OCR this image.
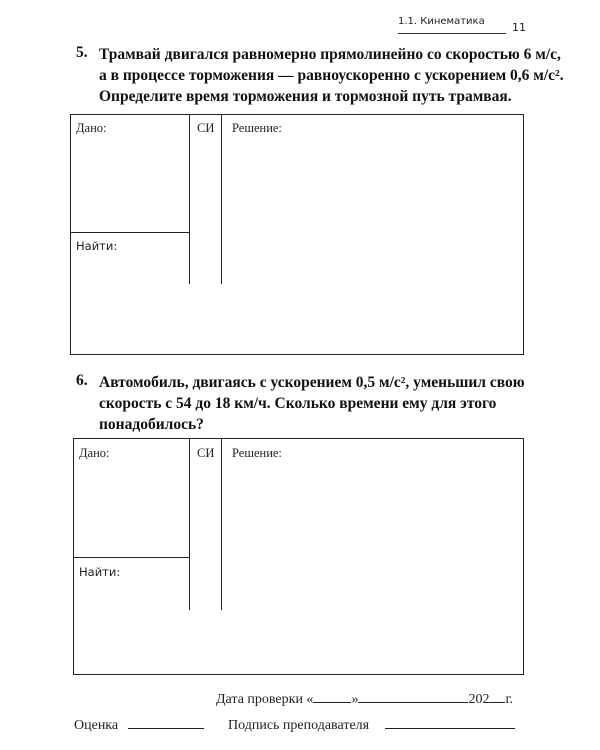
1.1. Кинематика 11
5. Трамвай двигался равномерно прямолинейно со скоростью 6 м/с,
а в процессе торможения — равноускоренно с ускорением 0,6 м/с².
Определите время торможения и тормозной путь трамвая.
Дано:	СИ Решение:
Найти:
6. Автомобиль, двигаясь с ускорением 0,5 м/с², уменьшил свою
скорость с 54 до 18 км/ч. Сколько времени ему для этого
понадобилось?
Дано:	СИ Решение:
Найти:
Дата проверки «	»	202 г.
Оценка	Подпись преподавателя
